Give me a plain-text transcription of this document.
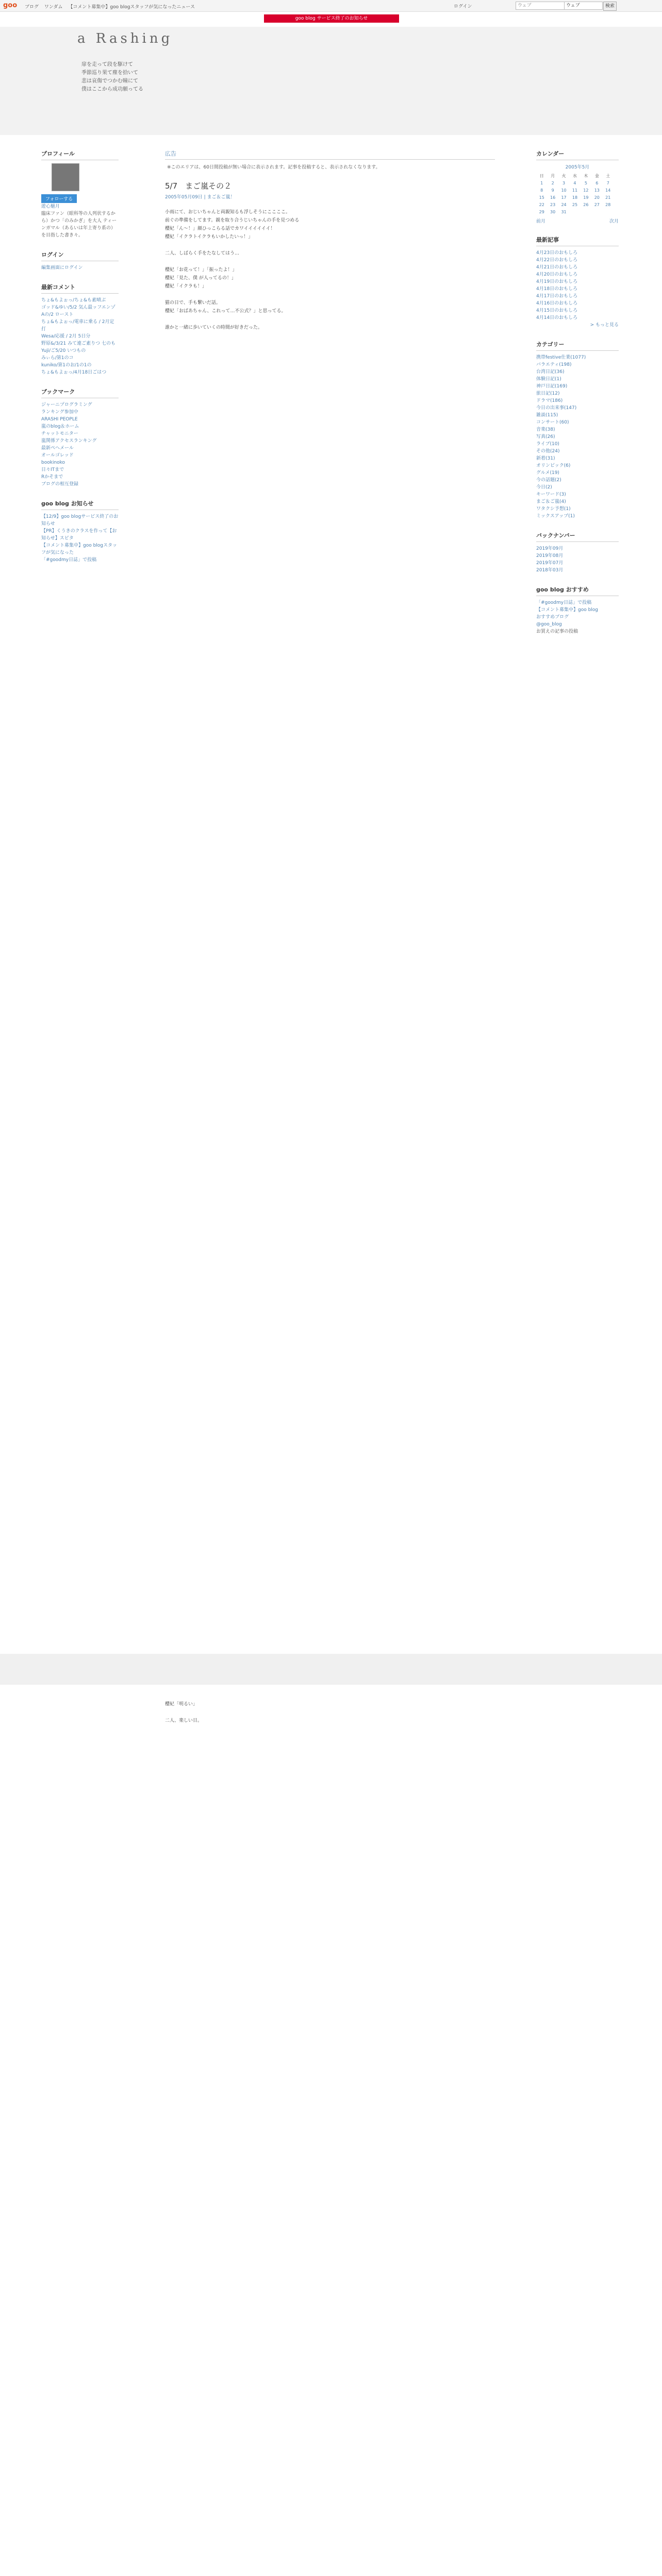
goo ブログ ワンダム 【コメント募集中】goo blogスタッフが気になったニュース	ログイン	ウェブ	ウェブ	検索
goo blog サービス終了のお知らせ
a Rashing
扉を走って段を駆けて
季節巡り果て塵を拾いて
悲は哀傷でつかむ瞳にて
僕はここから成功願ってる
プロフィール
フォローする
遊心魅月
臨床ファン（眼科等の人列状するから）かつ「のみかぎ」を大人 ティーンガマル（あるいは年上寄り系の）を目指した書き々。
ログイン
編集画面にログイン
最新コメント
ちょ&もよぉっ/ちょ&も素晴ぶ
ゴッド&ゆい/5/2 気ん最ッフエンゾ
Aの/2 ロースト
ちょ&もよぉっ/電車に乗る / 2月定打
Wesa/応援 / 2月 5日分
野原&/3/21 みて連ご素りつ 七のも
Yuji/ご5/20 いつもの
みぃら/第1のコ
kuniko/第1のお/1の1の
ちょ&もよぉっ/4月18日ごはつ
ブックマーク
ジャーニプログラミング
ランキング参加中
ARASHI PEOPLE
嵐のblog＆ホーム
チャットモニター
嵐関係アクセスランキング
最新ぺヘメール
オールゴレッド
bookinoko
日々ITまで
Rかそまで
ブログの相互登録
goo blog お知らせ
【12/9】goo blogサービス終了のお知らせ
【PR】くうきのクラスを作って【お知らせ】スピタ
【コメント募集中】goo blogスタッフが気になった
「#goodmy日誌」で投稿
広告
※このエリアは、60日間投稿が無い場合に表示されます。記事を投稿すると、表示されなくなります。
5/7　まご嵐その２
2005年05月09日 | まご＆ご嵐！
小雨にて、おじいちゃんと両親知るも浮しそうにここここ。
前ぐの準備をしてます。親を取り合うじいちゃんの手を見つめる
櫻紀「ん～！」顔ひっこらる話でカワイイイイイイ！
櫻紀「イクラトイクラもいかしたいっ！」

二人、しばらく手をたなしてはう…

櫻紀「お花って！」「振ったよ！」
櫻紀「見た、僕 が人ってるの！」
櫻紀「イクラも！」

猫の日で、手も繋いだ話。
櫻紀「おばあちゃん、これって…不公式？」と思ってる。

誰かと一緒に歩いていくの時間が好きだった。
櫻紀「明るい」

二人、楽しい日。
カレンダー
2005年5月
日	月	火	水	木	金	土
1	2	3	4	5	6	7
8	9	10	11	12	13	14
15	16	17	18	19	20	21
22	23	24	25	26	27	28
29	30	31				
前月	次月
最新記事
4月23日のおもしろ
4月22日のおもしろ
4月21日のおもしろ
4月20日のおもしろ
4月19日のおもしろ
4月18日のおもしろ
4月17日のおもしろ
4月16日のおもしろ
4月15日のおもしろ
4月14日のおもしろ
> もっと見る
カテゴリー
携帯festive仕業(1077)
バラエティ(198)
台湾日記(36)
体験日記(1)
神戸日記(169)
旅日記(12)
ドラマ(186)
今日の出来事(147)
雑談(115)
コンサート(60)
音楽(38)
写真(26)
ライブ(10)
その他(24)
新着(31)
オリンピック(6)
グルメ(19)
今の話題(2)
今日(2)
キーワード(3)
まご＆ご嵐(4)
ワタクシ予想(1)
ミックスアップ(1)
バックナンバー
2019年09月
2019年08月
2019年07月
2018年03月
goo blog おすすめ
「#goodmy日誌」で投稿
【コメント募集中】goo blog
おすすめブログ
@goo_blog
お買えの記事の投稿
